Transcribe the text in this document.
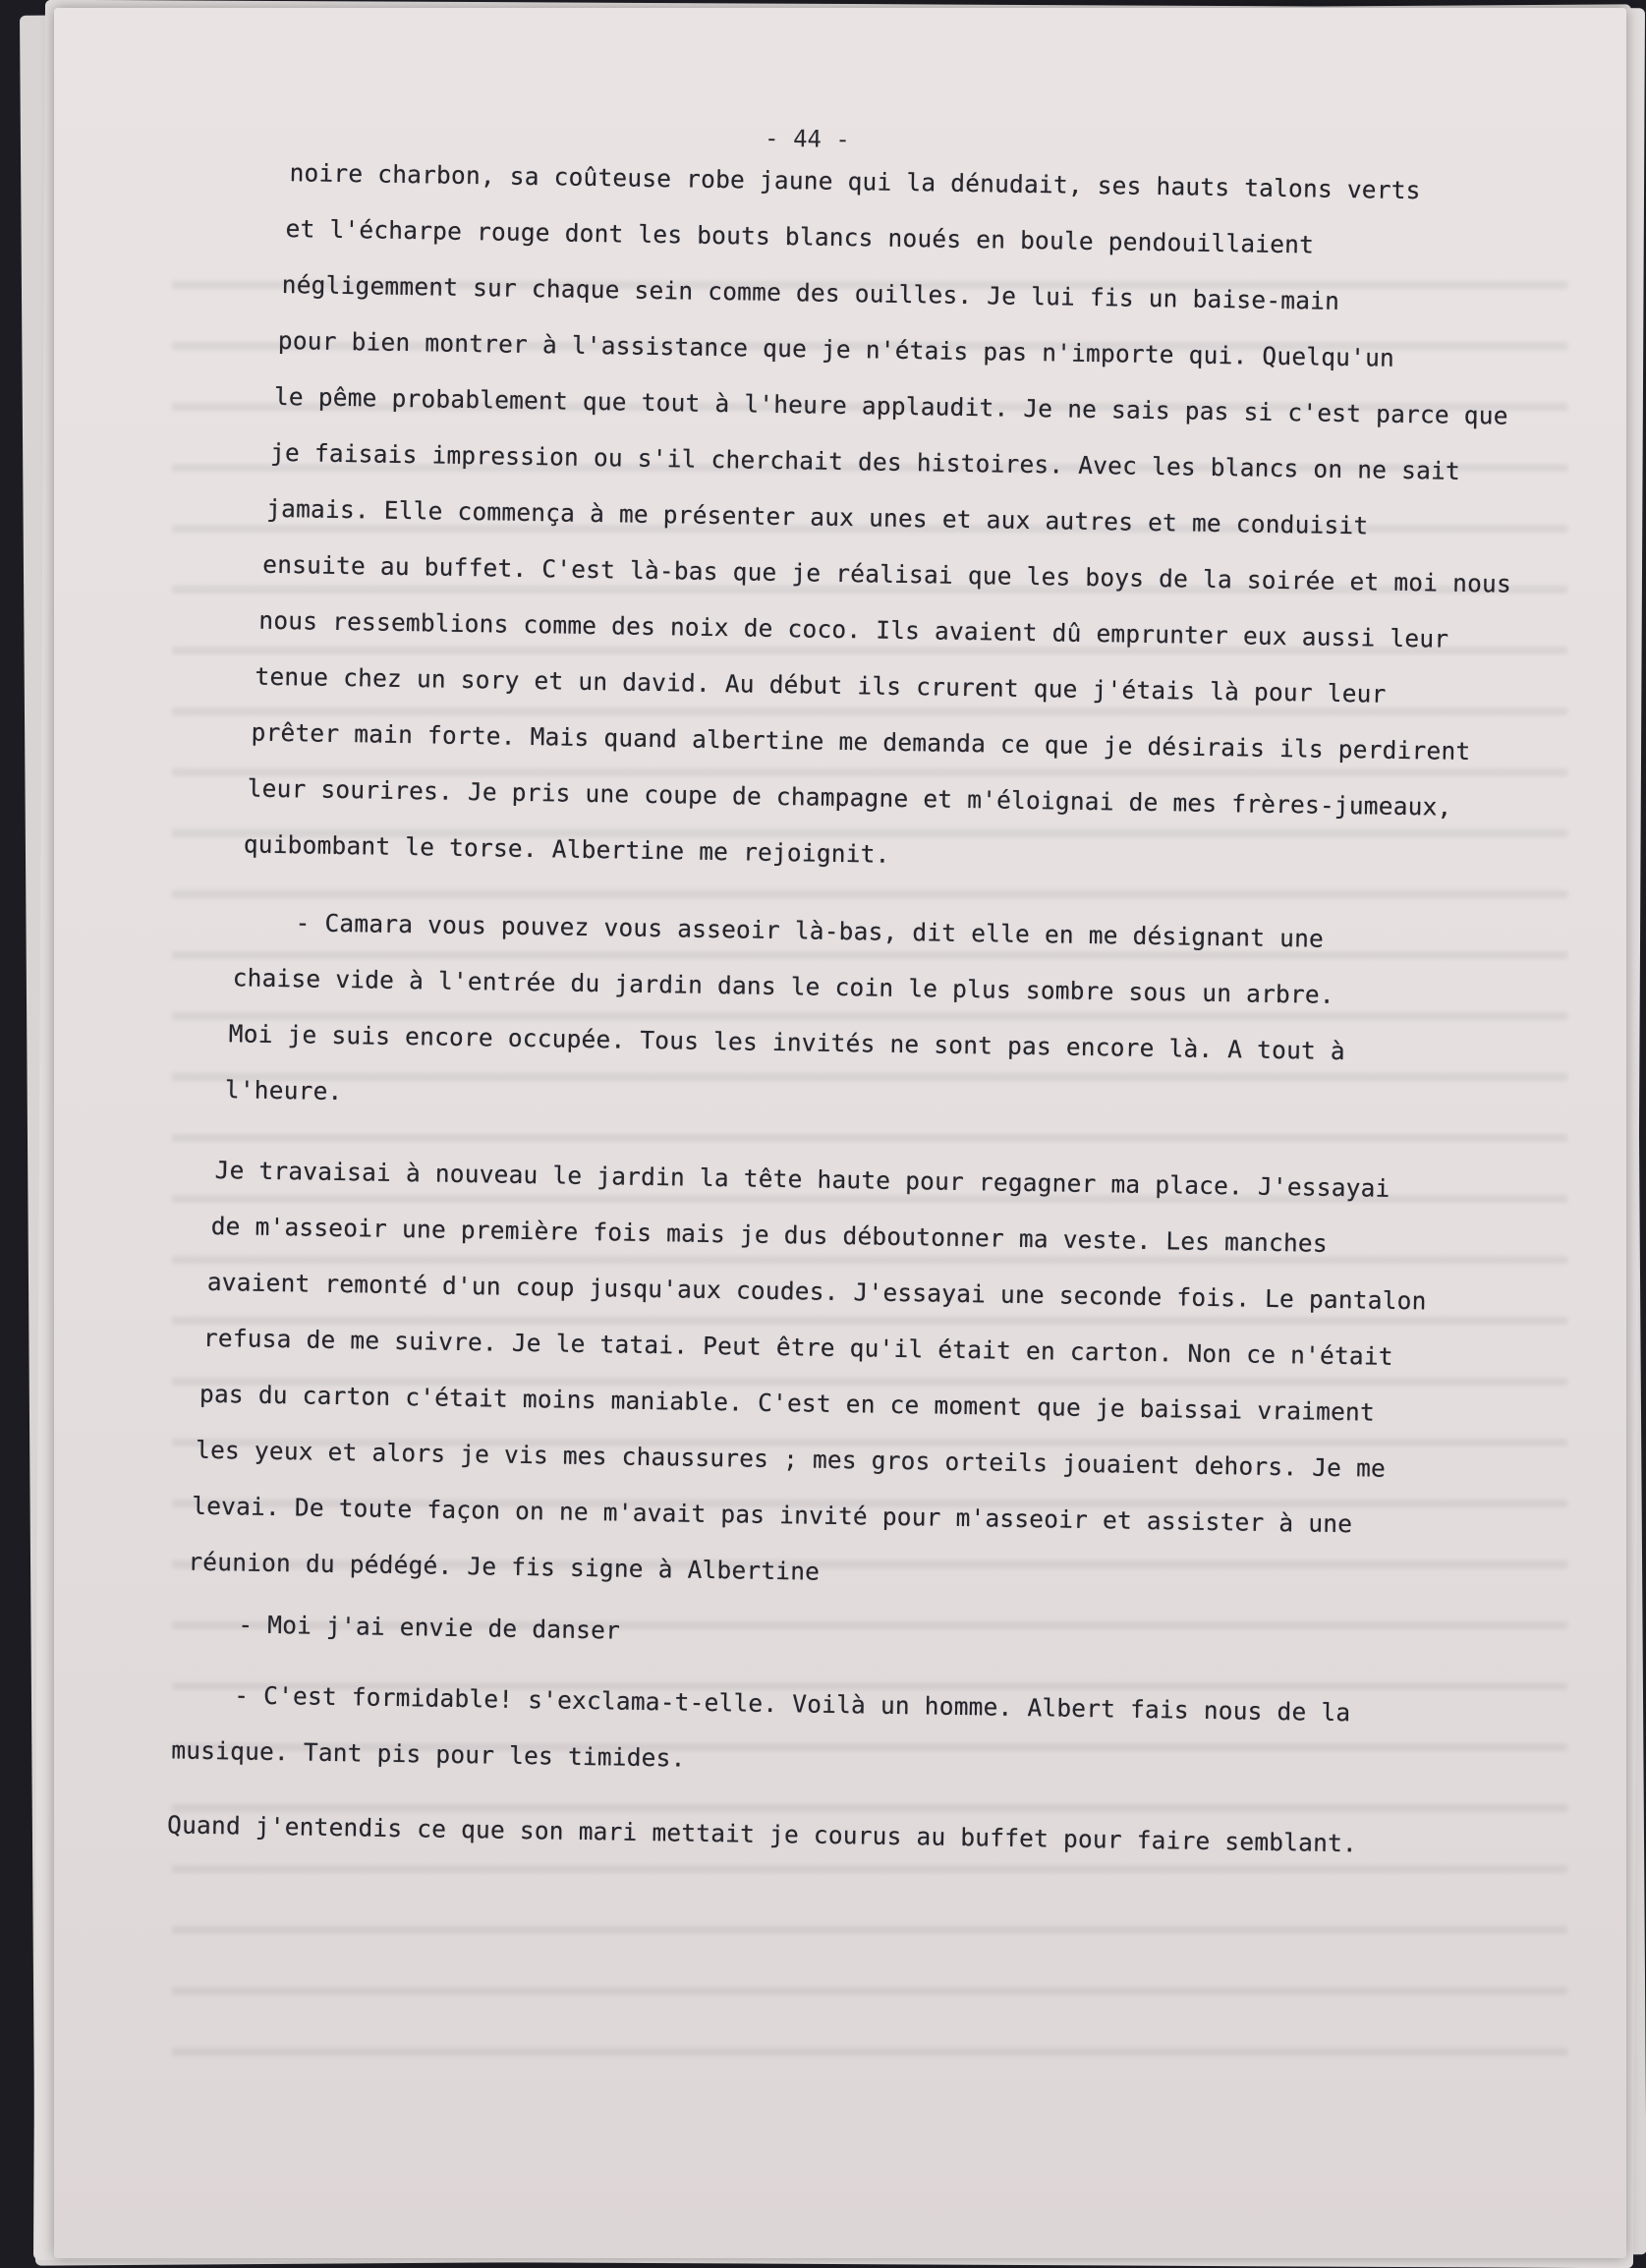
- 44 -
noire charbon, sa coûteuse robe jaune qui la dénudait, ses hauts talons verts
et l'écharpe rouge dont les bouts blancs noués en boule pendouillaient
négligemment sur chaque sein comme des ouilles. Je lui fis un baise-main
pour bien montrer à l'assistance que je n'étais pas n'importe qui. Quelqu'un
le pême probablement que tout à l'heure applaudit. Je ne sais pas si c'est parce que
je faisais impression ou s'il cherchait des histoires. Avec les blancs on ne sait
jamais. Elle commença à me présenter aux unes et aux autres et me conduisit
ensuite au buffet. C'est là-bas que je réalisai que les boys de la soirée et moi nous
nous ressemblions comme des noix de coco. Ils avaient dû emprunter eux aussi leur
tenue chez un sory et un david. Au début ils crurent que j'étais là pour leur
prêter main forte. Mais quand albertine me demanda ce que je désirais ils perdirent
leur sourires. Je pris une coupe de champagne et m'éloignai de mes frères-jumeaux,
quibombant le torse. Albertine me rejoignit.
- Camara vous pouvez vous asseoir là-bas, dit elle en me désignant une
chaise vide à l'entrée du jardin dans le coin le plus sombre sous un arbre.
Moi je suis encore occupée. Tous les invités ne sont pas encore là. A tout à
l'heure.
Je travaisai à nouveau le jardin la tête haute pour regagner ma place. J'essayai
de m'asseoir une première fois mais je dus déboutonner ma veste. Les manches
avaient remonté d'un coup jusqu'aux coudes. J'essayai une seconde fois. Le pantalon
refusa de me suivre. Je le tatai. Peut être qu'il était en carton. Non ce n'était
pas du carton c'était moins maniable. C'est en ce moment que je baissai vraiment
les yeux et alors je vis mes chaussures ; mes gros orteils jouaient dehors. Je me
levai. De toute façon on ne m'avait pas invité pour m'asseoir et assister à une
réunion du pédégé. Je fis signe à Albertine
- Moi j'ai envie de danser
- C'est formidable! s'exclama-t-elle. Voilà un homme. Albert fais nous de la
musique. Tant pis pour les timides.
Quand j'entendis ce que son mari mettait je courus au buffet pour faire semblant.
